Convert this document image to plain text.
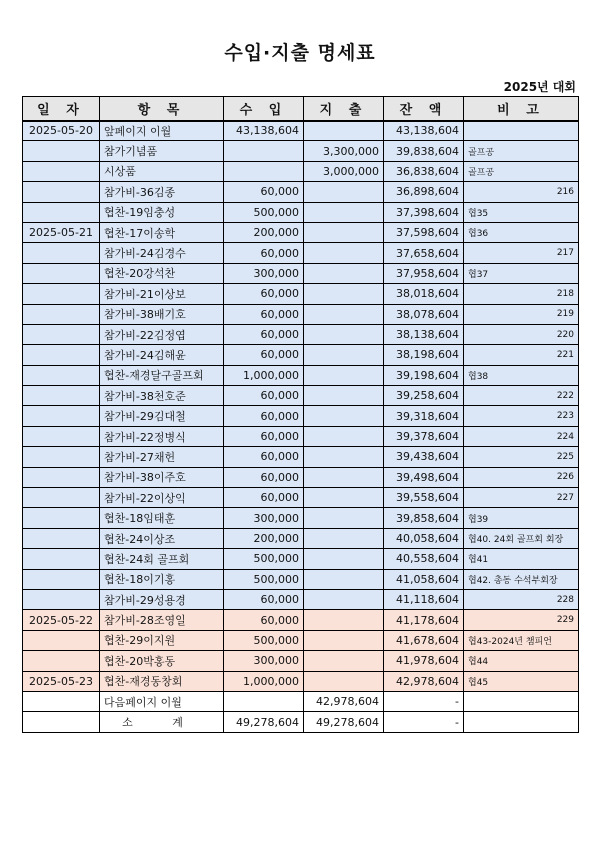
수입·지출 명세표
2025년 대회
일 자	항 목	수 입	지 출	잔 액	비 고
2025-05-20	앞페이지 이월	43,138,604		43,138,604	
	참가기념품		3,300,000	39,838,604	골프공
	시상품		3,000,000	36,838,604	골프공
	참가비-36김종	60,000		36,898,604	216
	협찬-19임충성	500,000		37,398,604	협35
2025-05-21	협찬-17이송학	200,000		37,598,604	협36
	참가비-24김경수	60,000		37,658,604	217
	협찬-20강석찬	300,000		37,958,604	협37
	참가비-21이상보	60,000		38,018,604	218
	참가비-38배기호	60,000		38,078,604	219
	참가비-22김정엽	60,000		38,138,604	220
	참가비-24김해윤	60,000		38,198,604	221
	협찬-재경달구골프회	1,000,000		39,198,604	협38
	참가비-38천호준	60,000		39,258,604	222
	참가비-29김대철	60,000		39,318,604	223
	참가비-22정병식	60,000		39,378,604	224
	참가비-27채헌	60,000		39,438,604	225
	참가비-38이주호	60,000		39,498,604	226
	참가비-22이상익	60,000		39,558,604	227
	협찬-18임태훈	300,000		39,858,604	협39
	협찬-24이상조	200,000		40,058,604	협40. 24회 골프회 회장
	협찬-24회 골프회	500,000		40,558,604	협41
	협찬-18이기홍	500,000		41,058,604	협42. 총동 수석부회장
	참가비-29성용경	60,000		41,118,604	228
2025-05-22	참가비-28조영일	60,000		41,178,604	229
	협찬-29이지원	500,000		41,678,604	협43-2024년 챔피언
	협찬-20박홍동	300,000		41,978,604	협44
2025-05-23	협찬-재경동창회	1,000,000		42,978,604	협45
	다음페이지 이월		42,978,604	-	
	소 계	49,278,604	49,278,604	-	
